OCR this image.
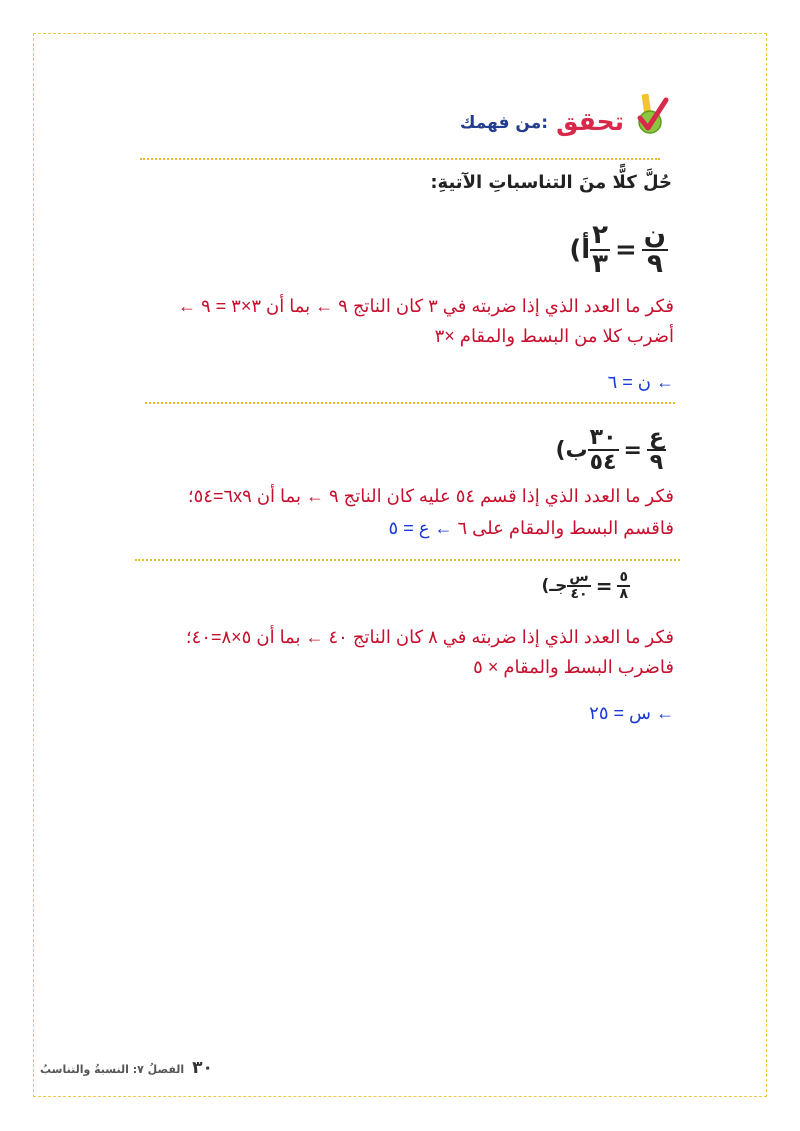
تحقق
من فهمك:
حُلَّ كلًّا منَ التناسباتِ الآتيةِ:
أ) $\frac{٢}{٣} = \frac{\text{ن}}{٩}$
فكر ما العدد الذي إذا ضربته في ٣ كان الناتج ٩ ← بما أن ٣×٣ = ٩ ←
أضرب كلا من البسط والمقام ×٣
← ن = ٦
ب) $\frac{٣٠}{٥٤} = \frac{\text{ع}}{٩}$
فكر ما العدد الذي إذا قسم ٥٤ عليه كان الناتج ٩ ← بما أن ٦x٩=٥٤؛
فاقسم البسط والمقام على ٦ ← ع = ٥
جـ) $\frac{\text{س}}{٤٠} = \frac{٥}{٨}$
فكر ما العدد الذي إذا ضربته في ٨ كان الناتج ٤٠ ← بما أن ٥×٨=٤٠؛
فاضرب البسط والمقام × ٥
← س = ٢٥
٣٠
الفصلُ ٧: النسبةُ والتناسبُ
